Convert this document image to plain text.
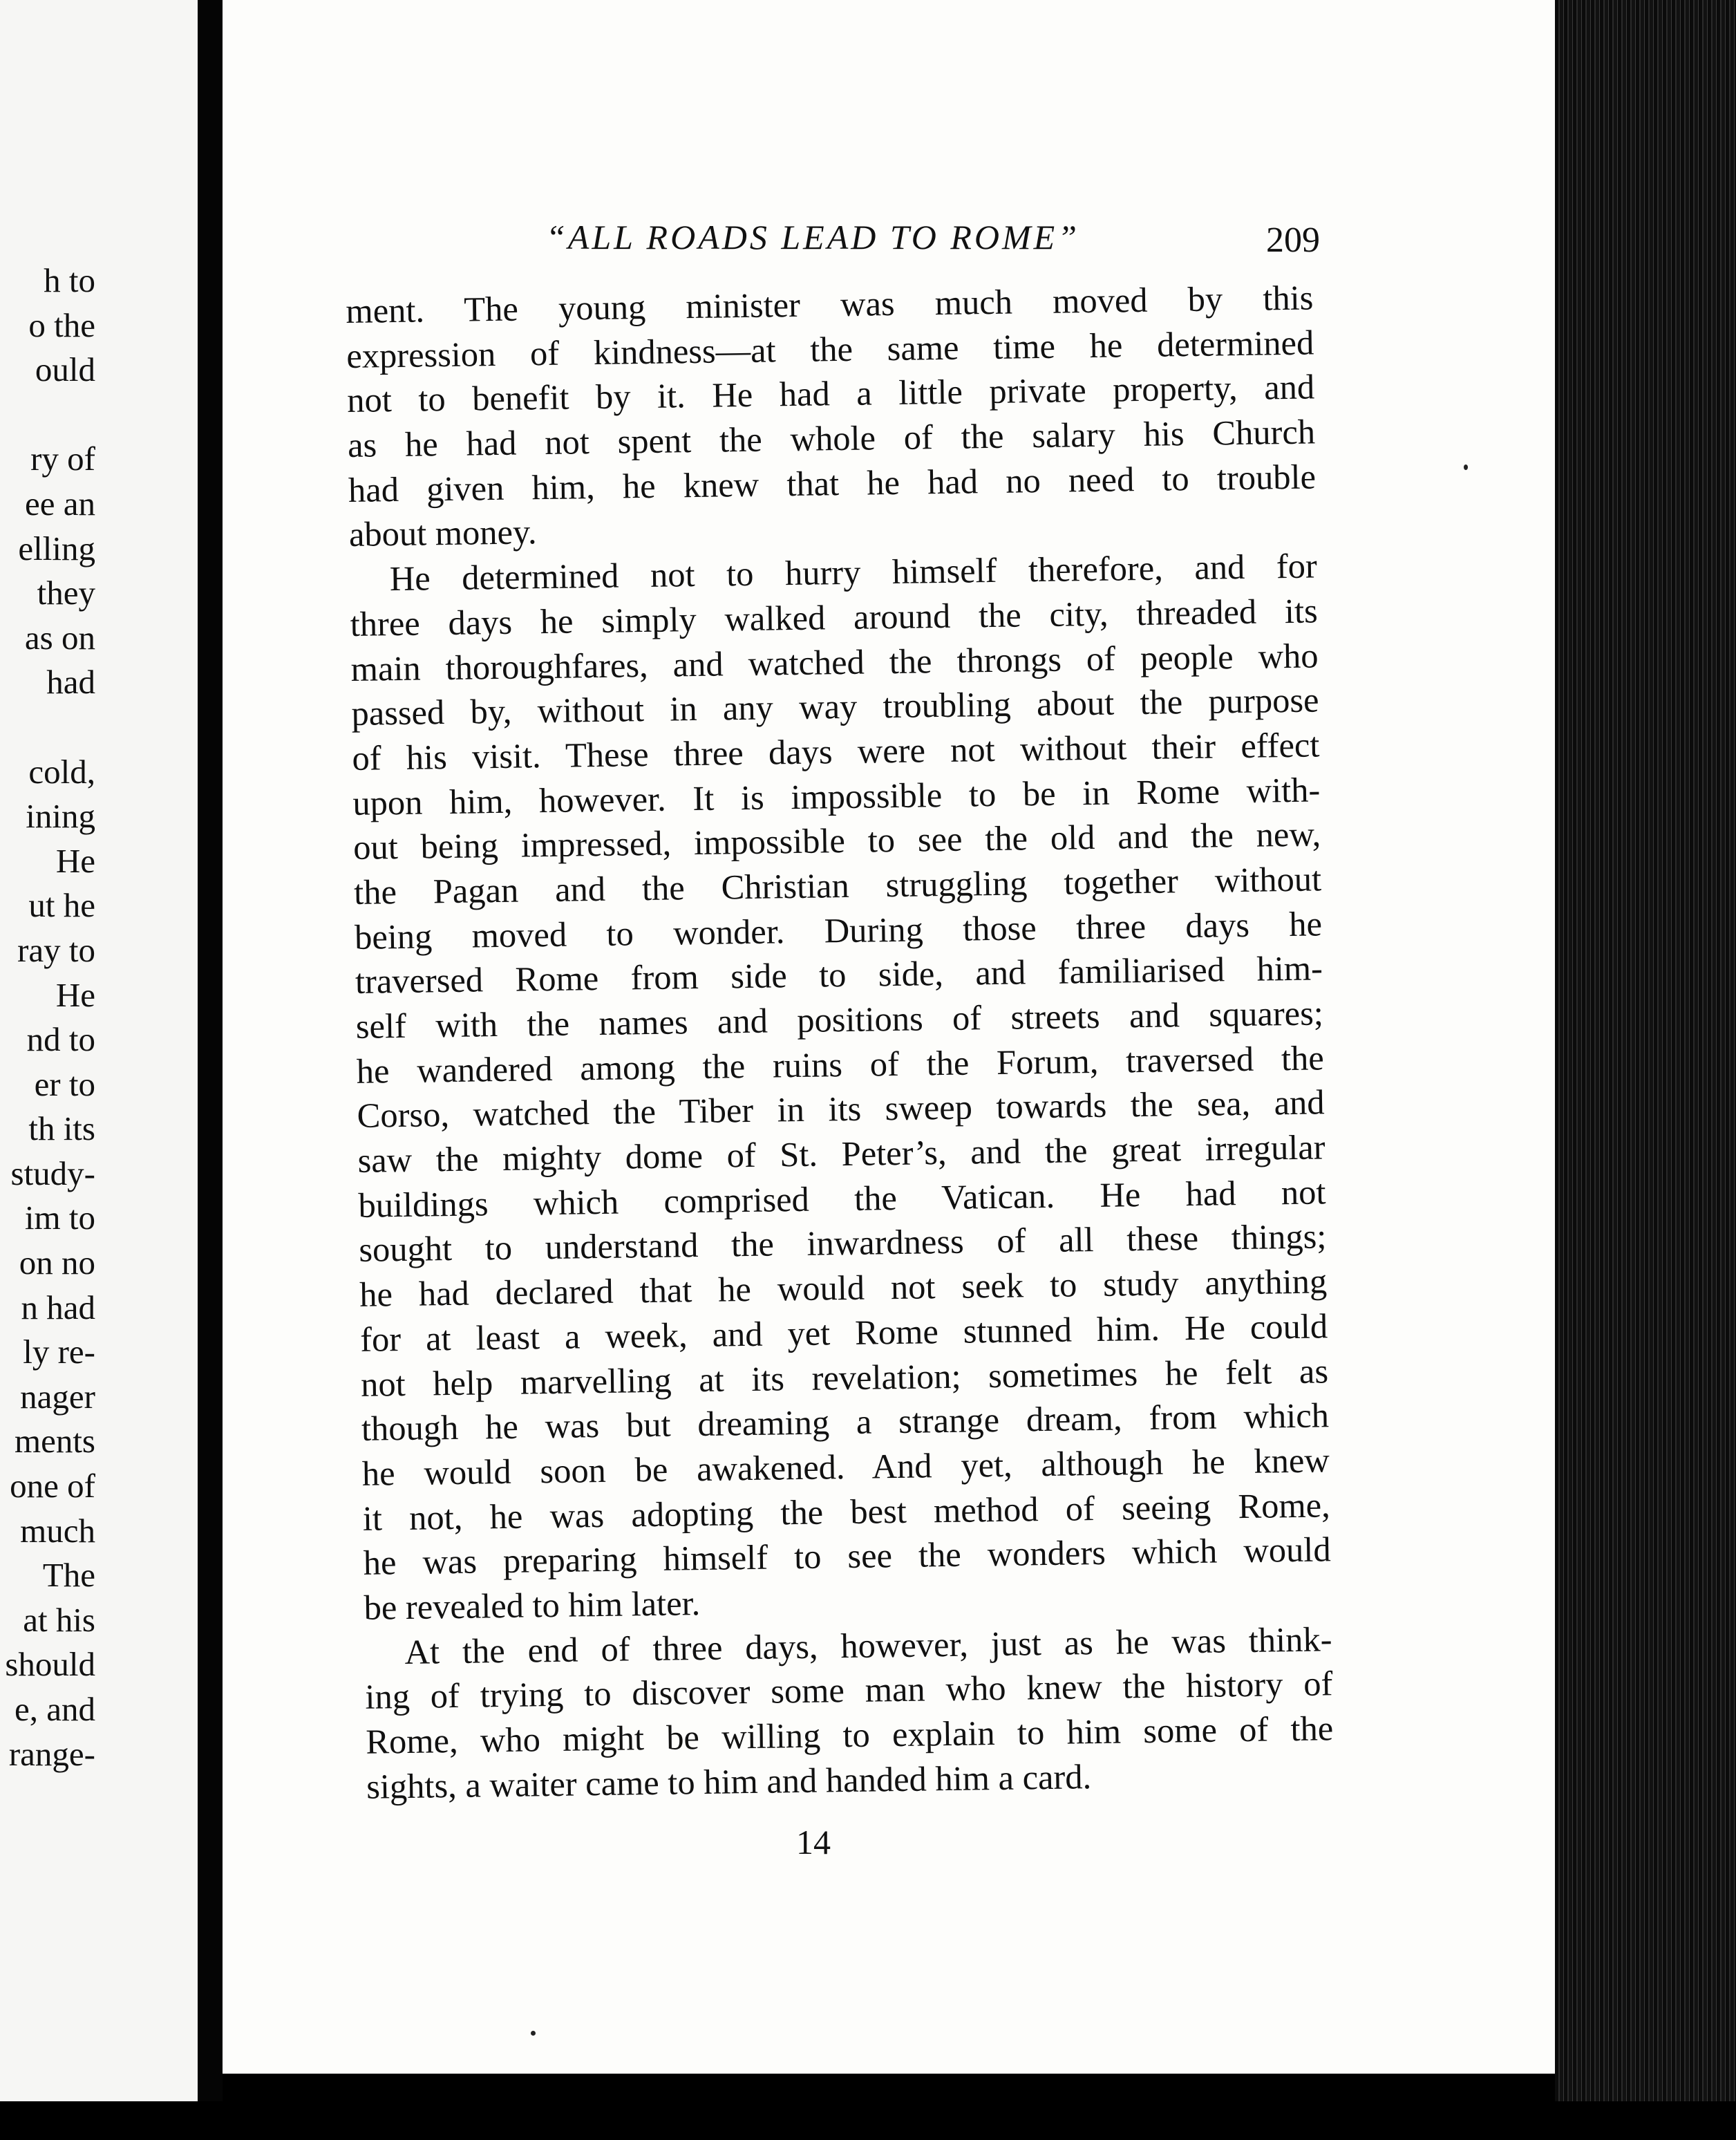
h to
o the
ould
ry of
ee an
elling
they
as on
had
cold,
ining
He
ut he
ray to
He
nd to
er to
th its
study-
im to
on no
n had
ly re-
nager
ments
one of
much
The
at his
should
e, and
range-
“ALL ROADS LEAD TO ROME”	209
ment. The young minister was much moved by this
expression of kindness—at the same time he determined
not to benefit by it. He had a little private property, and
as he had not spent the whole of the salary his Church
had given him, he knew that he had no need to trouble
about money.
He determined not to hurry himself therefore, and for
three days he simply walked around the city, threaded its
main thoroughfares, and watched the throngs of people who
passed by, without in any way troubling about the purpose
of his visit. These three days were not without their effect
upon him, however. It is impossible to be in Rome with-
out being impressed, impossible to see the old and the new,
the Pagan and the Christian struggling together without
being moved to wonder. During those three days he
traversed Rome from side to side, and familiarised him-
self with the names and positions of streets and squares;
he wandered among the ruins of the Forum, traversed the
Corso, watched the Tiber in its sweep towards the sea, and
saw the mighty dome of St. Peter’s, and the great irregular
buildings which comprised the Vatican. He had not
sought to understand the inwardness of all these things;
he had declared that he would not seek to study anything
for at least a week, and yet Rome stunned him. He could
not help marvelling at its revelation; sometimes he felt as
though he was but dreaming a strange dream, from which
he would soon be awakened. And yet, although he knew
it not, he was adopting the best method of seeing Rome,
he was preparing himself to see the wonders which would
be revealed to him later.
At the end of three days, however, just as he was think-
ing of trying to discover some man who knew the history of
Rome, who might be willing to explain to him some of the
sights, a waiter came to him and handed him a card.
14
